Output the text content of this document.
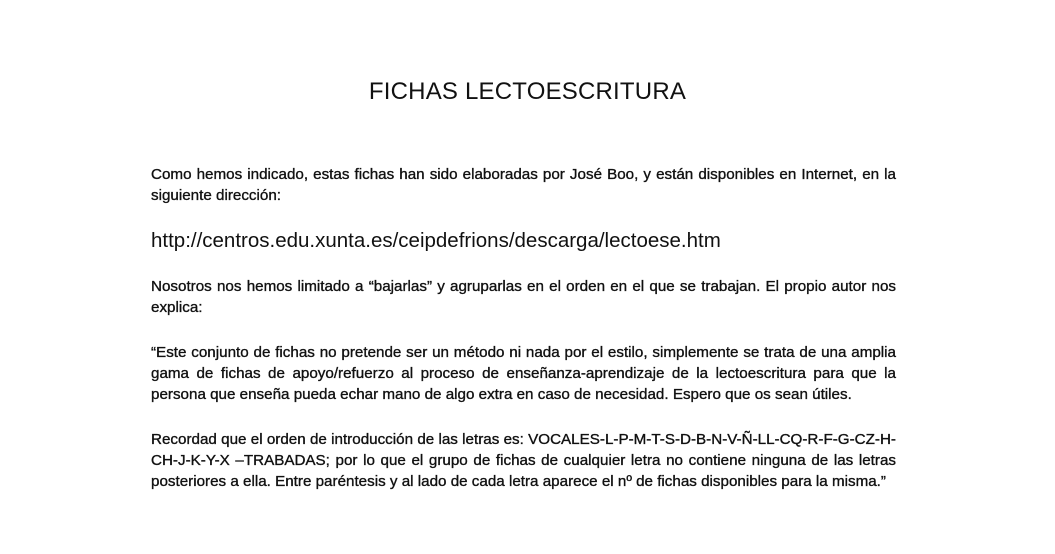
FICHAS LECTOESCRITURA

Como hemos indicado, estas fichas han sido elaboradas por José Boo, y están disponibles en Internet, en la siguiente dirección:

http://centros.edu.xunta.es/ceipdefrions/descarga/lectoese.htm

Nosotros nos hemos limitado a “bajarlas” y agruparlas en el orden en el que se trabajan. El propio autor nos explica:

“Este conjunto de fichas no pretende ser un método ni nada por el estilo, simplemente se trata de una amplia gama de fichas de apoyo/refuerzo al proceso de enseñanza-aprendizaje de la lectoescritura para que la persona que enseña pueda echar mano de algo extra en caso de necesidad. Espero que os sean útiles.

Recordad que el orden de introducción de las letras es: VOCALES-L-P-M-T-S-D-B-N-V-Ñ-LL-CQ-R-F-G-CZ-H-CH-J-K-Y-X –TRABADAS; por lo que el grupo de fichas de cualquier letra no contiene ninguna de las letras posteriores a ella. Entre paréntesis y al lado de cada letra aparece el nº de fichas disponibles para la misma.”
